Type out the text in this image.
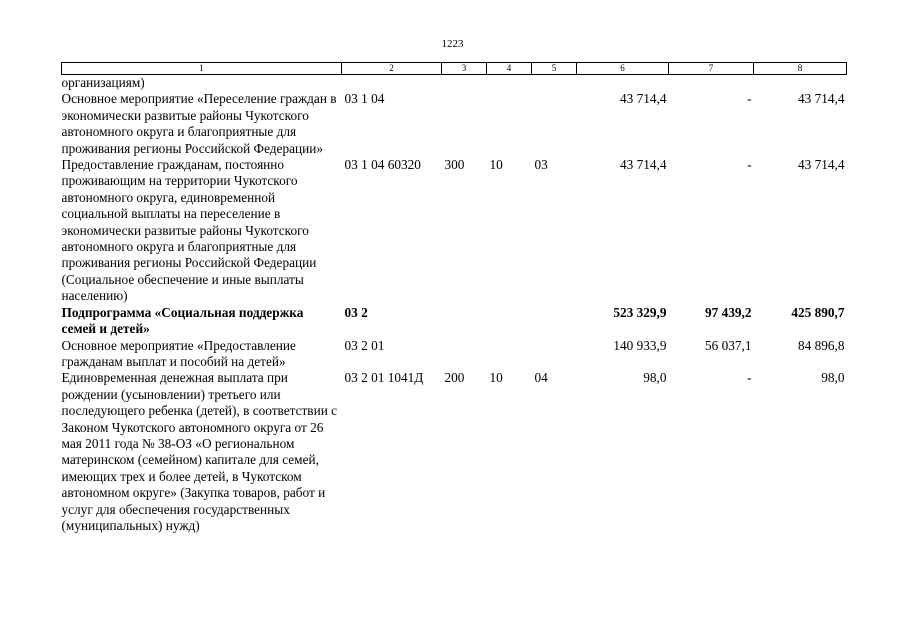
1223
1	2	3	4	5	6	7	8
организациям)							
Основное мероприятие «Переселение граждан в экономически развитые районы Чукотского автономного округа и благоприятные для проживания регионы Российской Федерации»	03 1 04				43 714,4	-	43 714,4
Предоставление гражданам, постоянно проживающим на территории Чукотского автономного округа, единовременной социальной выплаты на переселение в экономически развитые районы Чукотского автономного округа и благоприятные для проживания регионы Российской Федерации (Социальное обеспечение и иные выплаты населению)	03 1 04 60320	300	10	03	43 714,4	-	43 714,4
Подпрограмма «Социальная поддержка семей и детей»	03 2				523 329,9	97 439,2	425 890,7
Основное мероприятие «Предоставление гражданам выплат и пособий на детей»	03 2 01				140 933,9	56 037,1	84 896,8
Единовременная денежная выплата при рождении (усыновлении) третьего или последующего ребенка (детей), в соответствии с Законом Чукотского автономного округа от 26 мая 2011 года № 38-ОЗ «О региональном материнском (семейном) капитале для семей, имеющих трех и более детей, в Чукотском автономном округе» (Закупка товаров, работ и услуг для обеспечения государственных (муниципальных) нужд)	03 2 01 1041Д	200	10	04	98,0	-	98,0
